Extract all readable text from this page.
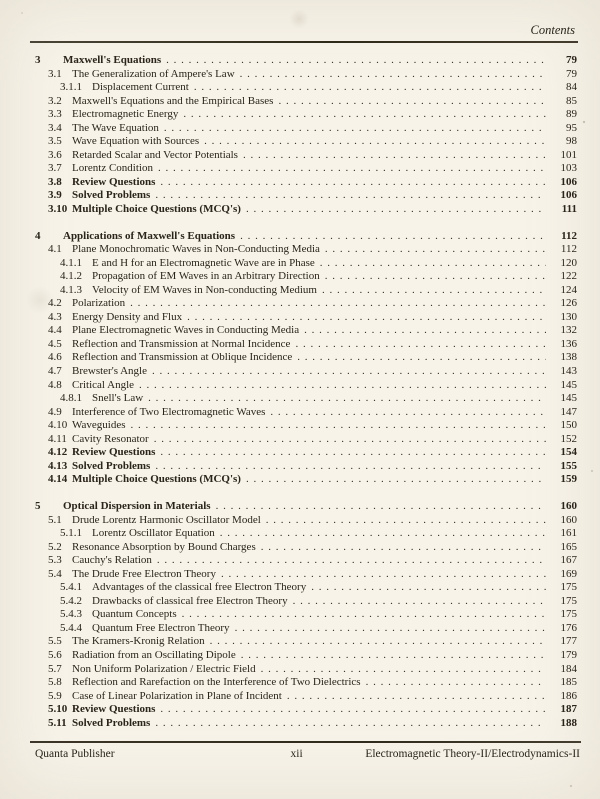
Contents
3	Maxwell's Equations . . .	79
3.1 The Generalization of Ampere's Law . . .	79
3.1.1 Displacement Current . . .	84
3.2 Maxwell's Equations and the Empirical Bases . . .	85
3.3 Electromagnetic Energy . . .	89
3.4 The Wave Equation . . .	95
3.5 Wave Equation with Sources . . .	98
3.6 Retarded Scalar and Vector Potentials . . .	101
3.7 Lorentz Condition . . .	103
3.8 Review Questions . . .	106
3.9 Solved Problems . . .	106
3.10 Multiple Choice Questions (MCQ's) . . .	111
4	Applications of Maxwell's Equations . . .	112
4.1 Plane Monochromatic Waves in Non-Conducting Media . . .	112
4.1.1 E and H for an Electromagnetic Wave are in Phase . . .	120
4.1.2 Propagation of EM Waves in an Arbitrary Direction . . .	122
4.1.3 Velocity of EM Waves in Non-conducting Medium . . .	124
4.2 Polarization . . .	126
4.3 Energy Density and Flux . . .	130
4.4 Plane Electromagnetic Waves in Conducting Media . . .	132
4.5 Reflection and Transmission at Normal Incidence . . .	136
4.6 Reflection and Transmission at Oblique Incidence . . .	138
4.7 Brewster's Angle . . .	143
4.8 Critical Angle . . .	145
4.8.1 Snell's Law . . .	145
4.9 Interference of Two Electromagnetic Waves . . .	147
4.10 Waveguides . . .	150
4.11 Cavity Resonator . . .	152
4.12 Review Questions . . .	154
4.13 Solved Problems . . .	155
4.14 Multiple Choice Questions (MCQ's) . . .	159
5	Optical Dispersion in Materials . . .	160
5.1 Drude Lorentz Harmonic Oscillator Model . . .	160
5.1.1 Lorentz Oscillator Equation . . .	161
5.2 Resonance Absorption by Bound Charges . . .	165
5.3 Cauchy's Relation . . .	167
5.4 The Drude Free Electron Theory . . .	169
5.4.1 Advantages of the classical free Electron Theory . . .	175
5.4.2 Drawbacks of classical free Electron Theory . . .	175
5.4.3 Quantum Concepts . . .	175
5.4.4 Quantum Free Electron Theory . . .	176
5.5 The Kramers-Kronig Relation . . .	177
5.6 Radiation from an Oscillating Dipole . . .	179
5.7 Non Uniform Polarization / Electric Field . . .	184
5.8 Reflection and Rarefaction on the Interference of Two Dielectrics . . .	185
5.9 Case of Linear Polarization in Plane of Incident . . .	186
5.10 Review Questions . . .	187
5.11 Solved Problems . . .	188
Quanta Publisher	xii	Electromagnetic Theory-II/Electrodynamics-II
